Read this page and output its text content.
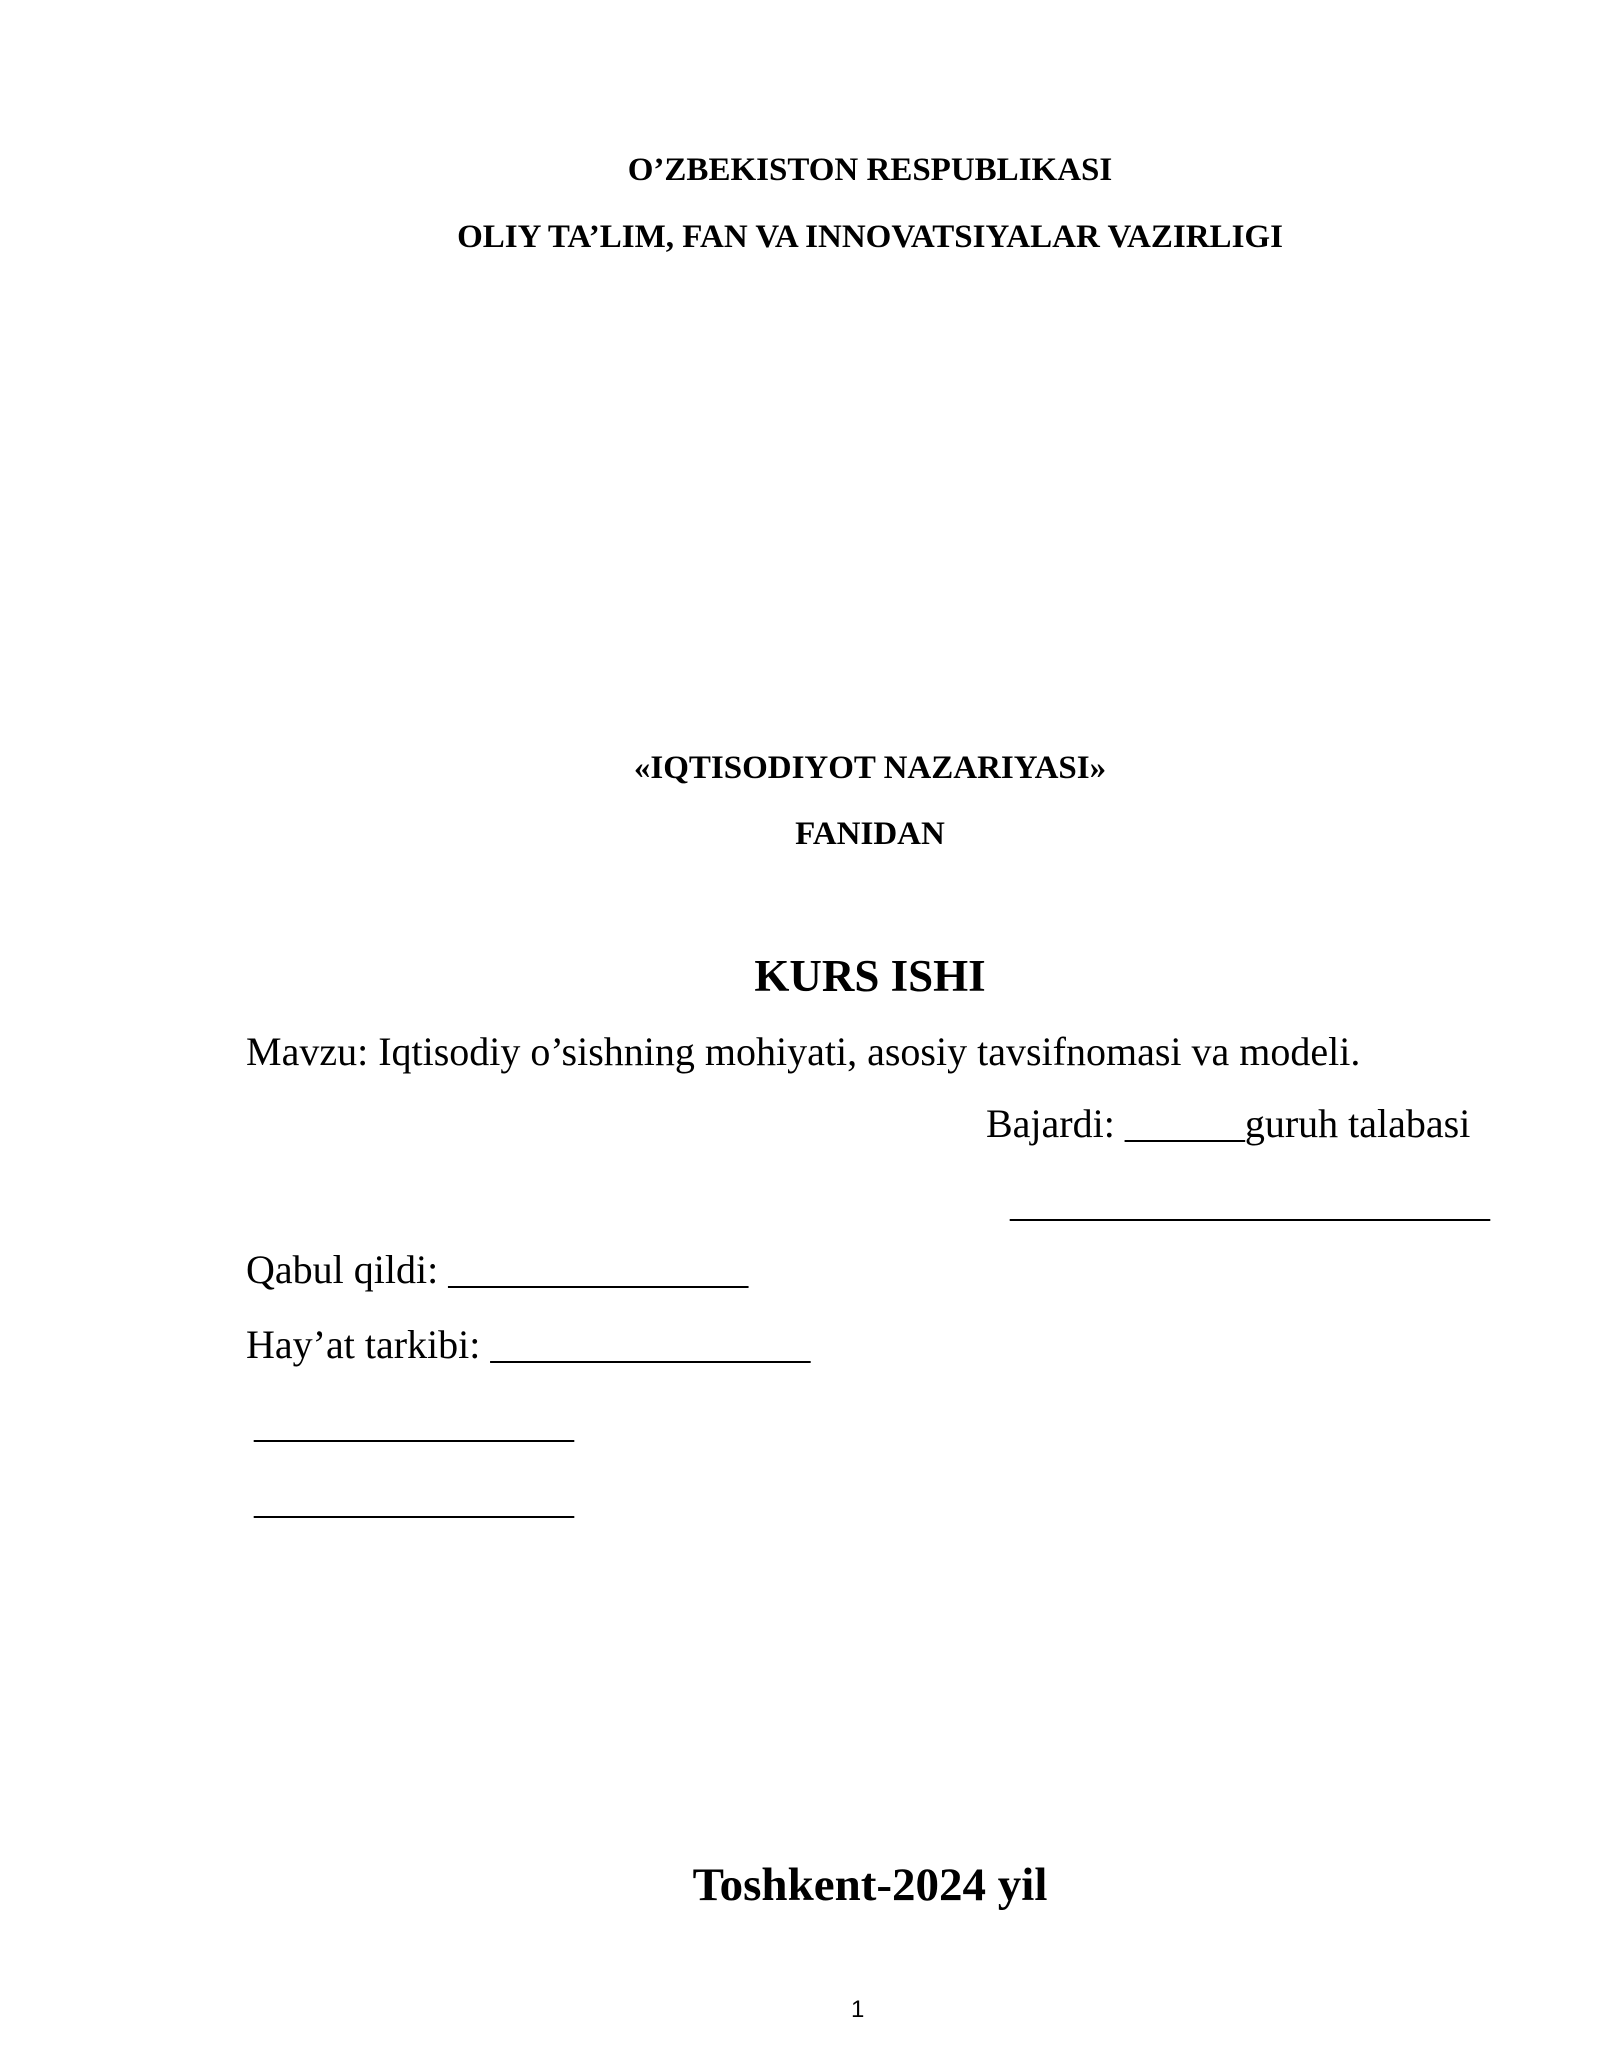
O’ZBEKISTON RESPUBLIKASI
OLIY TA’LIM, FAN VA INNOVATSIYALAR VAZIRLIGI
«IQTISODIYOT NAZARIYASI»
FANIDAN
KURS ISHI
Mavzu: Iqtisodiy o’sishning mohiyati, asosiy tavsifnomasi va modeli.
Bajardi: ______guruh talabasi
________________________
Qabul qildi: _______________
Hay’at tarkibi: ________________
________________
________________
Toshkent-2024 yil
1
